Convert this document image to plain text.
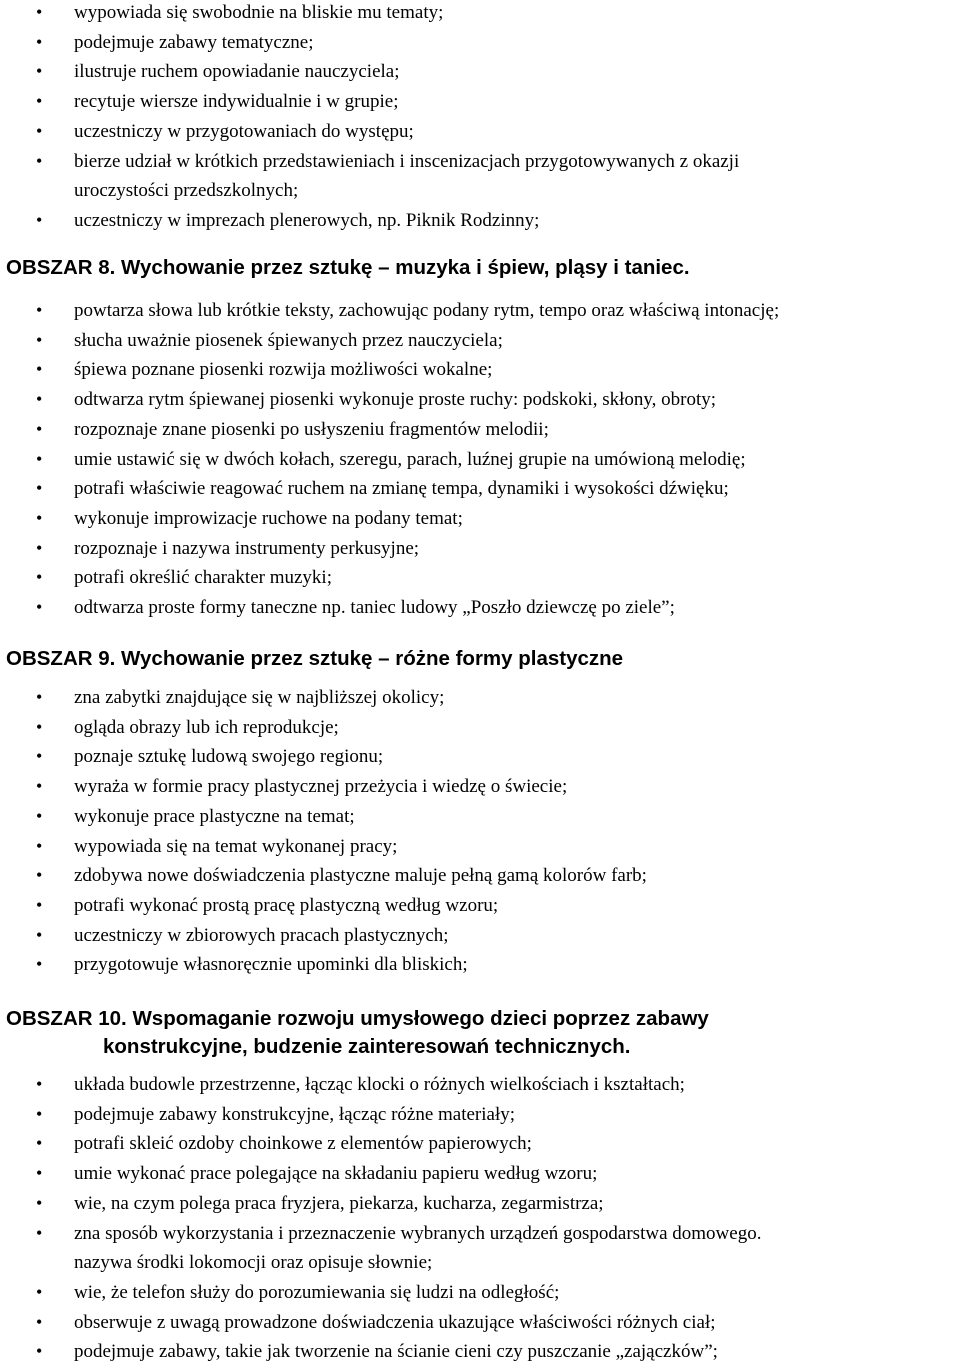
• wypowiada się swobodnie na bliskie mu tematy;
• podejmuje zabawy tematyczne;
• ilustruje ruchem opowiadanie nauczyciela;
• recytuje wiersze indywidualnie i w grupie;
• uczestniczy w przygotowaniach do występu;
• bierze udział w krótkich przedstawieniach i inscenizacjach przygotowywanych z okazji
uroczystości przedszkolnych;
• uczestniczy w imprezach plenerowych, np. Piknik Rodzinny;
OBSZAR 8. Wychowanie przez sztukę – muzyka i śpiew, pląsy i taniec.
• powtarza słowa lub krótkie teksty, zachowując podany rytm, tempo oraz właściwą intonację;
• słucha uważnie piosenek śpiewanych przez nauczyciela;
• śpiewa poznane piosenki rozwija możliwości wokalne;
• odtwarza rytm śpiewanej piosenki wykonuje proste ruchy: podskoki, skłony, obroty;
• rozpoznaje znane piosenki po usłyszeniu fragmentów melodii;
• umie ustawić się w dwóch kołach, szeregu, parach, luźnej grupie na umówioną melodię;
• potrafi właściwie reagować ruchem na zmianę tempa, dynamiki i wysokości dźwięku;
• wykonuje improwizacje ruchowe na podany temat;
• rozpoznaje i nazywa instrumenty perkusyjne;
• potrafi określić charakter muzyki;
• odtwarza proste formy taneczne np. taniec ludowy „Poszło dziewczę po ziele”;
OBSZAR 9. Wychowanie przez sztukę – różne formy plastyczne
• zna zabytki znajdujące się w najbliższej okolicy;
• ogląda obrazy lub ich reprodukcje;
• poznaje sztukę ludową swojego regionu;
• wyraża w formie pracy plastycznej przeżycia i wiedzę o świecie;
• wykonuje prace plastyczne na temat;
• wypowiada się na temat wykonanej pracy;
• zdobywa nowe doświadczenia plastyczne maluje pełną gamą kolorów farb;
• potrafi wykonać prostą pracę plastyczną według wzoru;
• uczestniczy w zbiorowych pracach plastycznych;
• przygotowuje własnoręcznie upominki dla bliskich;
OBSZAR 10. Wspomaganie rozwoju umysłowego dzieci poprzez zabawy
konstrukcyjne, budzenie zainteresowań technicznych.
• układa budowle przestrzenne, łącząc klocki o różnych wielkościach i kształtach;
• podejmuje zabawy konstrukcyjne, łącząc różne materiały;
• potrafi skleić ozdoby choinkowe z elementów papierowych;
• umie wykonać prace polegające na składaniu papieru według wzoru;
• wie, na czym polega praca fryzjera, piekarza, kucharza, zegarmistrza;
• zna sposób wykorzystania i przeznaczenie wybranych urządzeń gospodarstwa domowego.
nazywa środki lokomocji oraz opisuje słownie;
• wie, że telefon służy do porozumiewania się ludzi na odległość;
• obserwuje z uwagą prowadzone doświadczenia ukazujące właściwości różnych ciał;
• podejmuje zabawy, takie jak tworzenie na ścianie cieni czy puszczanie „zajączków”;
